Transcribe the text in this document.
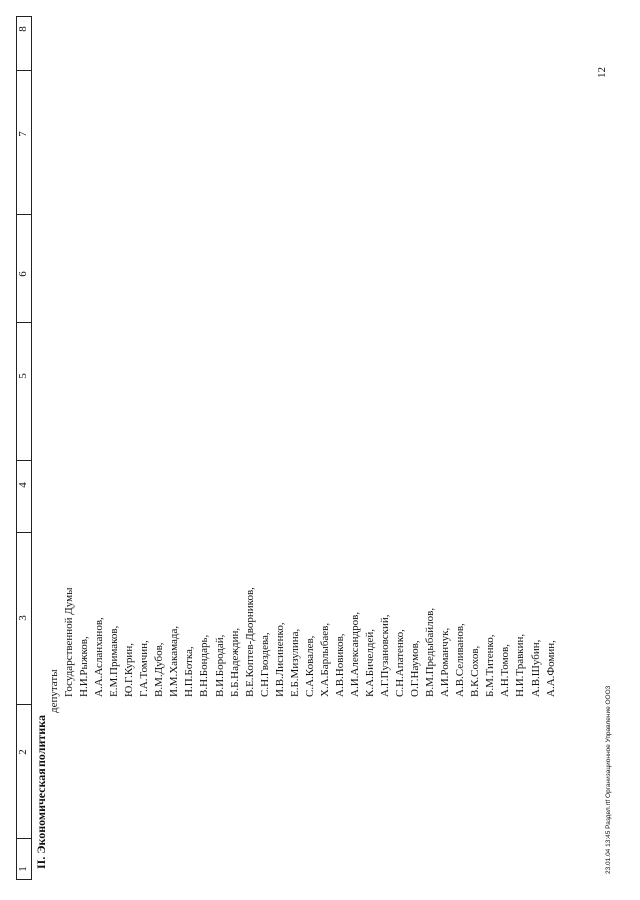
1
2
3
4
5
6
7
8
II. Экономическая
политика
депутаты Государственной Думы Н.И.Рыжков, А.А.Асланханов, Е.М.Примаков, Ю.Г.Курин, Г.А.Томчин, В.М.Дубов, И.М.Хакамада, Н.П.Ботка, В.Н.Бондарь, В.И.Бородай, Б.Б.Надеждин, В.Е.Коптев-Дворников, С.Н.Гвоздева, И.В.Лисиненко, Е.Б.Мизулина, С.А.Ковалев, Х.А.Барлыбаев, А.В.Новиков, А.И.Александров, К.А.Бичелдей, А.Г.Пузановский, С.Н.Апатенко, О.Г.Наумов, В.М.Предыбайлов, А.И.Романчук, А.В.Селиванов, В.К.Сохов, Б.М.Титенко, А.Н.Томов, Н.И.Травкин, А.В.Шубин, А.А.Фомин,
12
23.01.04 13:45 Раздел.rtf Организационное Управление ООО3
